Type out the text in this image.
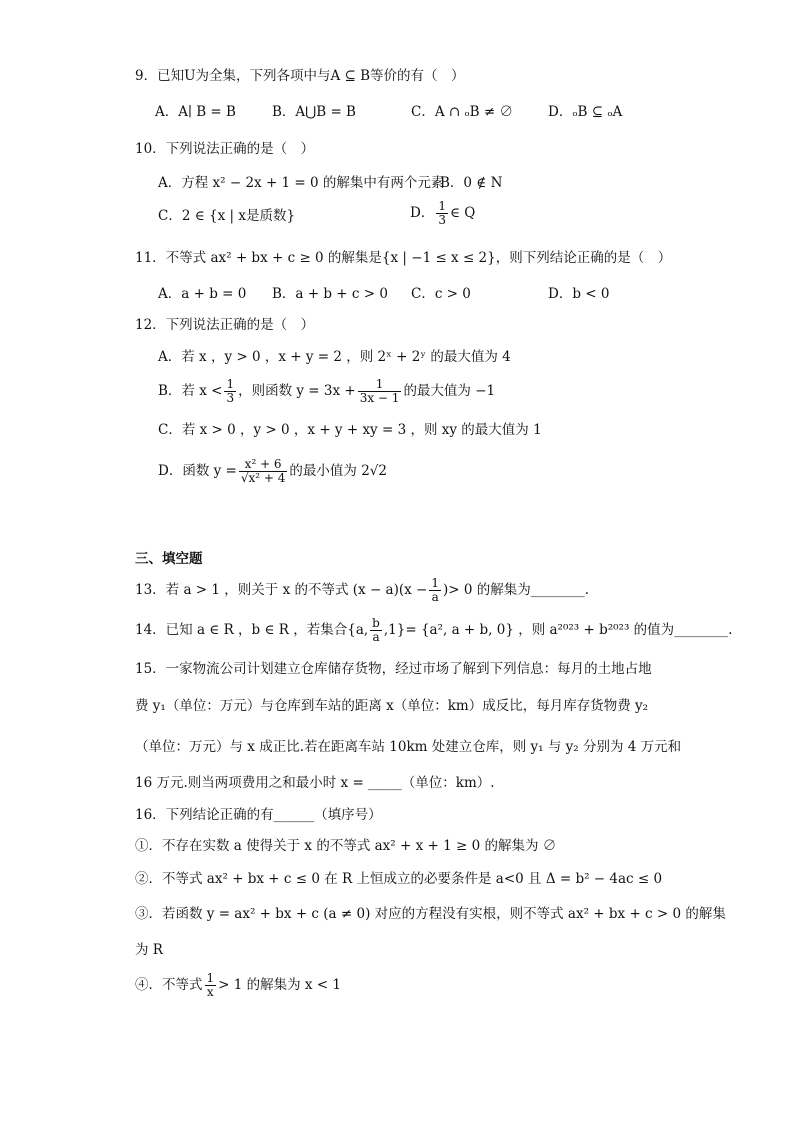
9．已知U为全集，下列各项中与A ⊆ B等价的有（　）
A．A∣ B = B	B．A⋃B = B	C．A ∩ ₒB ≠ ∅	D．ₒB ⊆ ₒA
10．下列说法正确的是（　）
A．方程 x² − 2x + 1 = 0 的解集中有两个元素
B．0 ∉ N
C．2 ∈ {x | x是质数}	D． $\frac{1}{3}$ ∈ Q
11．不等式 ax² + bx + c ≥ 0 的解集是{x | −1 ≤ x ≤ 2}，则下列结论正确的是（　）
A．a + b = 0 B．a + b + c > 0 C．c > 0	D．b < 0
12．下列说法正确的是（　）
A．若 x ，y > 0 ，x + y = 2 ，则 2ˣ + 2ʸ 的最大值为 4
B．若 $x < \frac{1}{3}$ ，则函数 $y = 3x + \frac{1}{3x - 1}$ 的最大值为 −1
C．若 x > 0 ，y > 0 ，x + y + xy = 3 ，则 xy 的最大值为 1
D．函数 $y = \frac{\text{x² + 6}}{\text{√x² + 4}}$ 的最小值为 2√2
三、填空题
13．若 a > 1 ，则关于 x 的不等式 $(x - a)(x - \frac{1}{a}$ )> 0 的解集为________.
14．已知 a ∈ R ，b ∈ R ，若集合{a, $\frac{b}{a} ,1\}= \{a^2$, a + b, 0} ，则 a²⁰²³ + b²⁰²³ 的值为________.
15．一家物流公司计划建立仓库储存货物，经过市场了解到下列信息：每月的土地占地
费 y₁（单位：万元）与仓库到车站的距离 x（单位：km）成反比，每月库存货物费 y₂
（单位：万元）与 x 成正比.若在距离车站 10km 处建立仓库，则 y₁ 与 y₂ 分别为 4 万元和
16 万元.则当两项费用之和最小时 x = _____（单位：km）.
16．下列结论正确的有______（填序号）
①．不存在实数 a 使得关于 x 的不等式 ax² + x + 1 ≥ 0 的解集为 ∅
②．不等式 ax² + bx + c ≤ 0 在 R 上恒成立的必要条件是 a<0 且 Δ = b² − 4ac ≤ 0
③．若函数 y = ax² + bx + c (a ≠ 0) 对应的方程没有实根，则不等式 ax² + bx + c > 0 的解集
为 R
④．不等式 $\frac{1}{x} > 1$ 的解集为 x < 1
